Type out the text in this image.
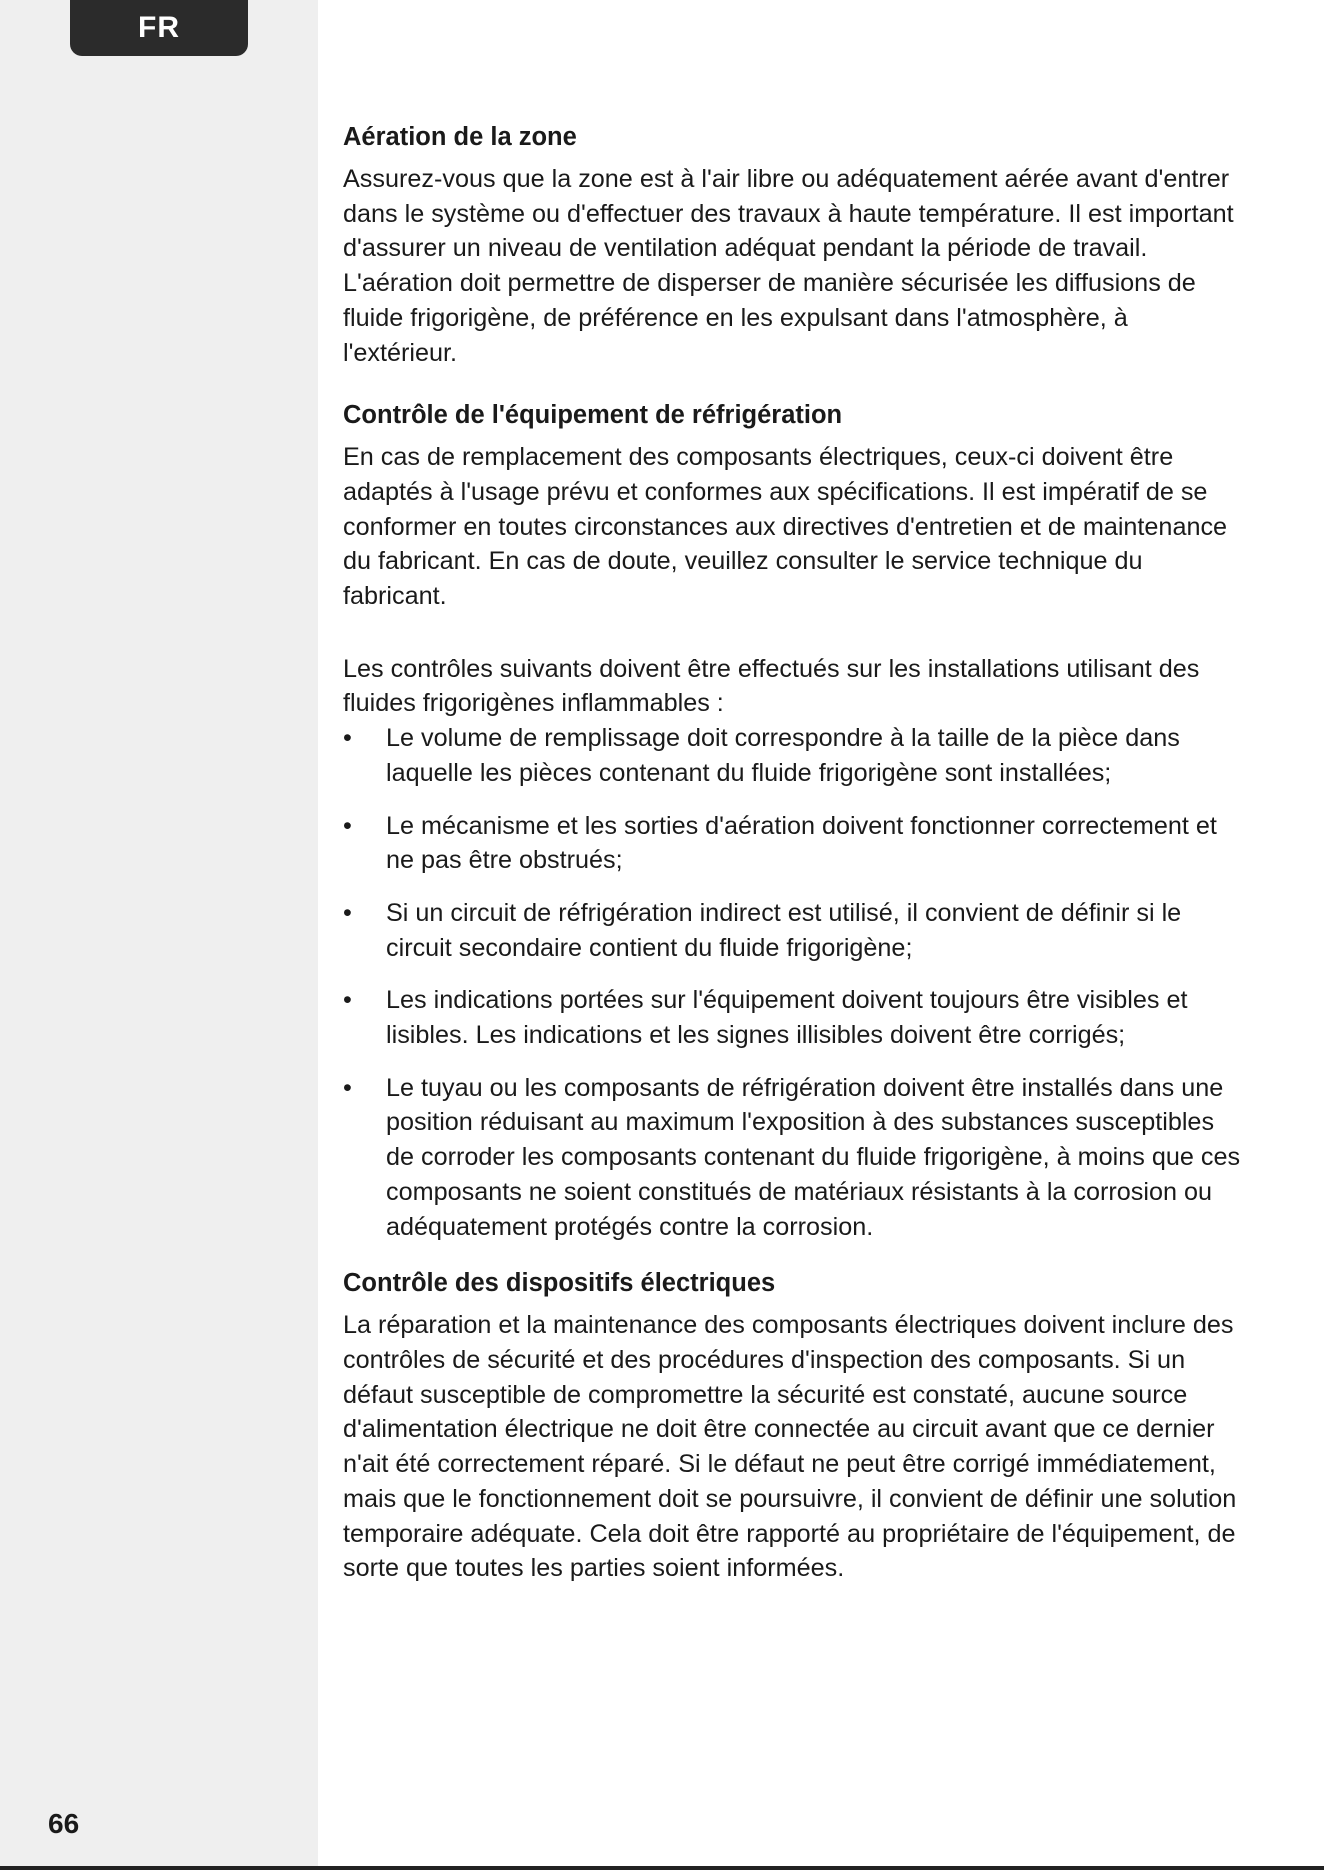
FR
66
Aération de la zone

Assurez-vous que la zone est à l'air libre ou adéquatement aérée avant d'entrer dans le système ou d'effectuer des travaux à haute température. Il est important d'assurer un niveau de ventilation adéquat pendant la période de travail. L'aération doit permettre de disperser de manière sécurisée les diffusions de fluide frigorigène, de préférence en les expulsant dans l'atmosphère, à l'extérieur.

Contrôle de l'équipement de réfrigération

En cas de remplacement des composants électriques, ceux-ci doivent être adaptés à l'usage prévu et conformes aux spécifications. Il est impératif de se conformer en toutes circonstances aux directives d'entretien et de maintenance du fabricant. En cas de doute, veuillez consulter le service technique du fabricant.

Les contrôles suivants doivent être effectués sur les installations utilisant des fluides frigorigènes inflammables :

•	Le volume de remplissage doit correspondre à la taille de la pièce dans laquelle les pièces contenant du fluide frigorigène sont installées;
•	Le mécanisme et les sorties d'aération doivent fonctionner correctement et ne pas être obstrués;
•	Si un circuit de réfrigération indirect est utilisé, il convient de définir si le circuit secondaire contient du fluide frigorigène;
•	Les indications portées sur l'équipement doivent toujours être visibles et lisibles. Les indications et les signes illisibles doivent être corrigés;
•	Le tuyau ou les composants de réfrigération doivent être installés dans une position réduisant au maximum l'exposition à des substances susceptibles de corroder les composants contenant du fluide frigorigène, à moins que ces composants ne soient constitués de matériaux résistants à la corrosion ou adéquatement protégés contre la corrosion.
Contrôle des dispositifs électriques

La réparation et la maintenance des composants électriques doivent inclure des contrôles de sécurité et des procédures d'inspection des composants. Si un défaut susceptible de compromettre la sécurité est constaté, aucune source d'alimentation électrique ne doit être connectée au circuit avant que ce dernier n'ait été correctement réparé. Si le défaut ne peut être corrigé immédiatement, mais que le fonctionnement doit se poursuivre, il convient de définir une solution temporaire adéquate. Cela doit être rapporté au propriétaire de l'équipement, de sorte que toutes les parties soient informées.
